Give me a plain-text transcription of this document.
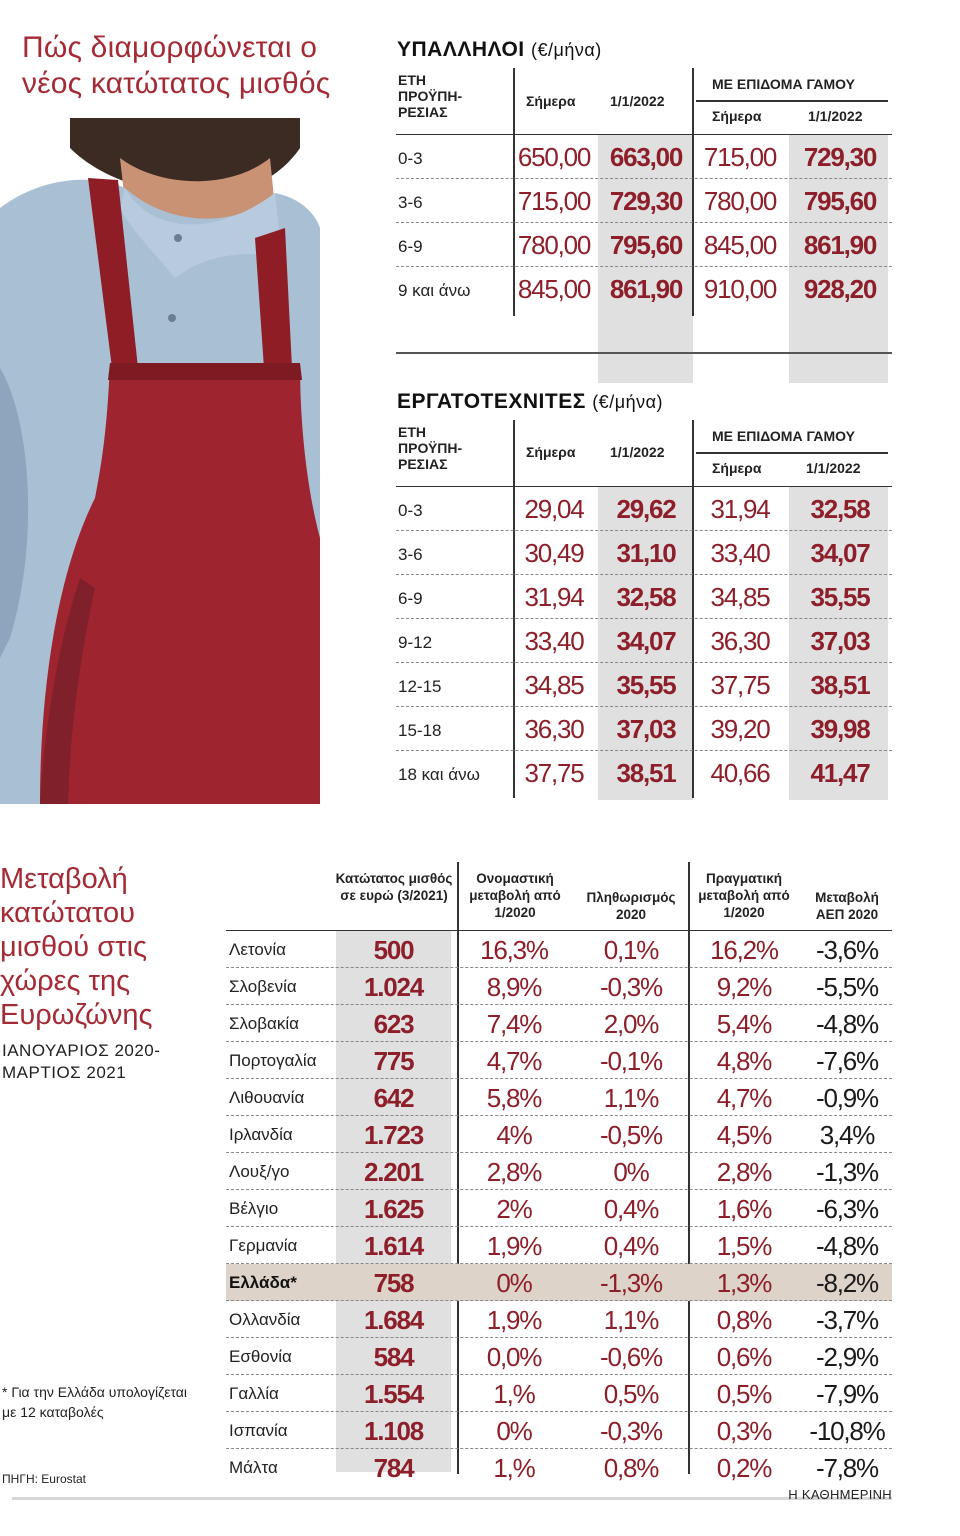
Πώς διαμορφώνεται ο νέος κατώτατος μισθός
ΥΠΑΛΛΗΛΟΙ (€/μήνα)
ΕΤΗ ΠΡΟΫΠΗ- ΡΕΣΙΑΣ
Σήμερα 1/1/2022
ΜΕ ΕΠΙΔΟΜΑ ΓΑΜΟΥ
Σήμερα	1/1/2022
0-3	650,00 663,00 715,00	729,30
3-6	715,00 729,30 780,00	795,60
6-9	780,00 795,60 845,00	861,90
9 και άνω	845,00 861,90 910,00	928,20
ΕΡΓΑΤΟΤΕΧΝΙΤΕΣ (€/μήνα)
ΕΤΗ ΠΡΟΫΠΗ- ΡΕΣΙΑΣ
Σήμερα 1/1/2022
ΜΕ ΕΠΙΔΟΜΑ ΓΑΜΟΥ
Σήμερα	1/1/2022
0-3	29,04	29,62	31,94	32,58
3-6	30,49	31,10	33,40	34,07
6-9	31,94	32,58	34,85	35,55
9-12	33,40	34,07	36,30	37,03
12-15	34,85	35,55	37,75	38,51
15-18	36,30	37,03	39,20	39,98
18 και άνω	37,75	38,51	40,66	41,47
Μεταβολή κατώτατου μισθού στις χώρες της Ευρωζώνης
ΙΑΝΟΥΑΡΙΟΣ 2020- ΜΑΡΤΙΟΣ 2021
* Για την Ελλάδα υπολογίζεται με 12 καταβολές
ΠΗΓΗ: Eurostat
Η ΚΑΘΗΜΕΡΙΝΗ
Κατώτατος μισθός σε ευρώ (3/2021)
Ονομαστική μεταβολή από 1/2020
Πληθωρισμός 2020
Πραγματική μεταβολή από 1/2020
Μεταβολή ΑΕΠ 2020
Λετονία	500	16,3%	0,1%	16,2%	-3,6%
Σλοβενία	1.024	8,9%	-0,3%	9,2%	-5,5%
Σλοβακία	623	7,4%	2,0%	5,4%	-4,8%
Πορτογαλία	775	4,7%	-0,1%	4,8%	-7,6%
Λιθουανία	642	5,8%	1,1%	4,7%	-0,9%
Ιρλανδία	1.723	4%	-0,5%	4,5%	3,4%
Λουξ/γο	2.201	2,8%	0%	2,8%	-1,3%
Βέλγιο	1.625	2%	0,4%	1,6%	-6,3%
Γερμανία	1.614	1,9%	0,4%	1,5%	-4,8%
Ελλάδα*	758	0%	-1,3%	1,3%	-8,2%
Ολλανδία	1.684	1,9%	1,1%	0,8%	-3,7%
Εσθονία	584	0,0%	-0,6%	0,6%	-2,9%
Γαλλία	1.554	1,%	0,5%	0,5%	-7,9%
Ισπανία	1.108	0%	-0,3%	0,3%	-10,8%
Μάλτα	784	1,%	0,8%	0,2%	-7,8%
